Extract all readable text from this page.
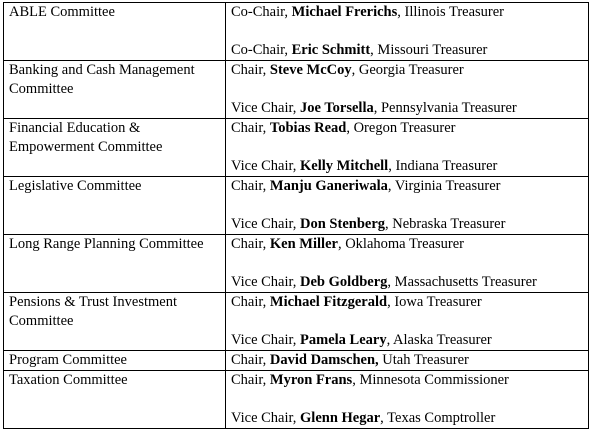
ABLE Committee	Co-Chair, Michael Frerichs, Illinois Treasurer
Co-Chair, Eric Schmitt, Missouri Treasurer

Banking and Cash Management Committee	Chair, Steve McCoy, Georgia Treasurer
Vice Chair, Joe Torsella, Pennsylvania Treasurer

Financial Education & Empowerment Committee	Chair, Tobias Read, Oregon Treasurer
Vice Chair, Kelly Mitchell, Indiana Treasurer

Legislative Committee	Chair, Manju Ganeriwala, Virginia Treasurer
Vice Chair, Don Stenberg, Nebraska Treasurer

Long Range Planning Committee	Chair, Ken Miller, Oklahoma Treasurer
Vice Chair, Deb Goldberg, Massachusetts Treasurer

Pensions & Trust Investment Committee	Chair, Michael Fitzgerald, Iowa Treasurer
Vice Chair, Pamela Leary, Alaska Treasurer

Program Committee	Chair, David Damschen, Utah Treasurer

Taxation Committee	Chair, Myron Frans, Minnesota Commissioner
Vice Chair, Glenn Hegar, Texas Comptroller
